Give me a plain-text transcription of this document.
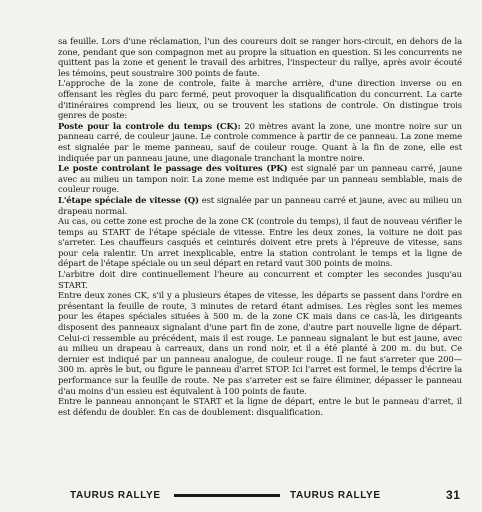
sa feuille. Lors d'une réclamation, l'un des coureurs doit se ranger hors-circuit, en dehors de la zone, pendant que son compagnon met au propre la situation en question. Si les concurrents ne quittent pas la zone et genent le travail des arbitres, l'inspecteur du rallye, après avoir écouté les témoins, peut soustraire 300 points de faute.

L'approche de la zone de controle, faite à marche arrière, d'une direction inverse ou en offensant les règles du parc fermé, peut provoquer la disqualification du concurrent. La carte d'itinéraires comprend les lieux, ou se trouvent les stations de controle. On distingue trois genres de poste:

Poste pour la controle du temps (CK): 20 mètres avant la zone, une montre noire sur un panneau carré, de couleur jaune. Le controle commence à partir de ce panneau. La zone meme est signalée par le meme panneau, sauf de couleur rouge. Quant à la fin de zone, elle est indiquée par un panneau jaune, une diagonale tranchant la montre noire.

Le poste controlant le passage des voitures (PK) est signalé par un panneau carré, jaune avec au milieu un tampon noir. La zone meme est indiquée par un panneau semblable, mais de couleur rouge.

L'étape spéciale de vitesse (Q) est signalée par un panneau carré et jaune, avec au milieu un drapeau normal.

Au cas, ou cette zone est proche de la zone CK (controle du temps), il faut de nouveau vérifier le temps au START de l'étape spéciale de vitesse. Entre les deux zones, la voiture ne doit pas s'arreter. Les chauffeurs casqués et ceinturés doivent etre prets à l'épreuve de vitesse, sans pour cela ralentir. Un arret inexplicable, entre la station controlant le temps et la ligne de départ de l'étape spéciale ou un seul départ en retard vaut 300 points de moins.

L'arbitre doit dire continuellement l'heure au concurrent et compter les secondes jusqu'au START.

Entre deux zones CK, s'il y a plusieurs étapes de vitesse, les départs se passent dans l'ordre en présentant la feuille de route, 3 minutes de retard étant admises. Les règles sont les memes pour les étapes spéciales situées à 500 m. de la zone CK mais dans ce cas-là, les dirigeants disposent des panneaux signalant d'une part fin de zone, d'autre part nouvelle ligne de départ. Celui-ci ressemble au précédent, mais il est rouge. Le panneau signalant le but est jaune, avec au milieu un drapeau à carreaux, dans un rond noir, et il a été planté à 200 m. du but. Ce dernier est indiqué par un panneau analogue, de couleur rouge. Il ne faut s'arreter que 200—300 m. après le but, ou figure le panneau d'arret STOP. Ici l'arret est formel, le temps d'écrire la performance sur la feuille de route. Ne pas s'arreter est se faire éliminer, dépasser le panneau d'au moins d'un essieu est équivalent à 100 points de faute.

Entre le panneau annonçant le START et la ligne de départ, entre le but le panneau d'arret, il est défendu de doubler. En cas de doublement: disqualification.

TAURUS RALLYE	TAURUS RALLYE	31
